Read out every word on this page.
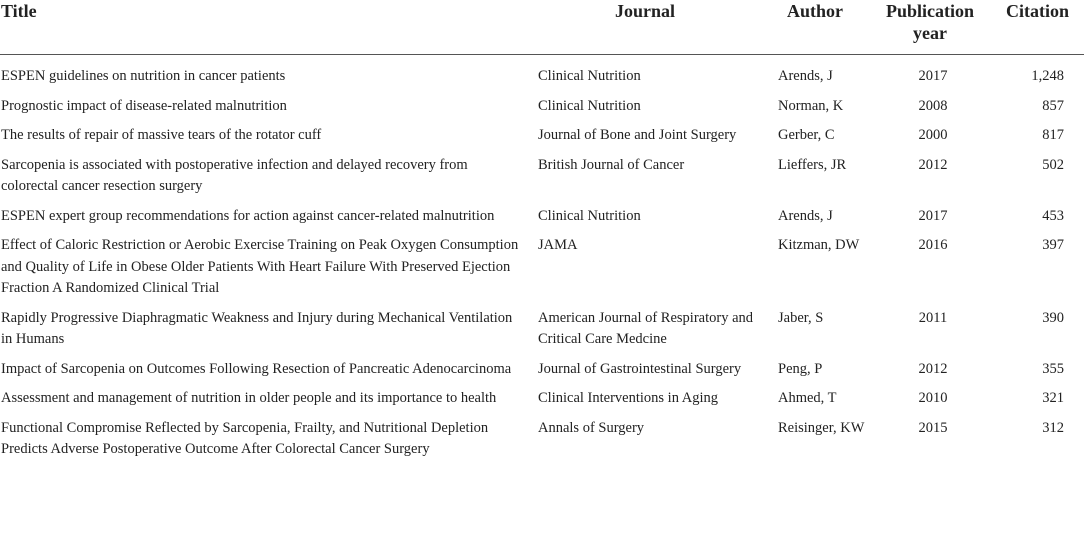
Title	Journal	Author	Publication year	Citation
ESPEN guidelines on nutrition in cancer patients	Clinical Nutrition	Arends, J	2017	1,248
Prognostic impact of disease-related malnutrition	Clinical Nutrition	Norman, K	2008	857
The results of repair of massive tears of the rotator cuff	Journal of Bone and Joint Surgery	Gerber, C	2000	817
Sarcopenia is associated with postoperative infection and delayed recovery from colorectal cancer resection surgery	British Journal of Cancer	Lieffers, JR	2012	502
ESPEN expert group recommendations for action against cancer-related malnutrition	Clinical Nutrition	Arends, J	2017	453
Effect of Caloric Restriction or Aerobic Exercise Training on Peak Oxygen Consumption and Quality of Life in Obese Older Patients With Heart Failure With Preserved Ejection Fraction A Randomized Clinical Trial	JAMA	Kitzman, DW	2016	397
Rapidly Progressive Diaphragmatic Weakness and Injury during Mechanical Ventilation in Humans	American Journal of Respiratory and Critical Care Medcine	Jaber, S	2011	390
Impact of Sarcopenia on Outcomes Following Resection of Pancreatic Adenocarcinoma	Journal of Gastrointestinal Surgery	Peng, P	2012	355
Assessment and management of nutrition in older people and its importance to health	Clinical Interventions in Aging	Ahmed, T	2010	321
Functional Compromise Reflected by Sarcopenia, Frailty, and Nutritional Depletion Predicts Adverse Postoperative Outcome After Colorectal Cancer Surgery	Annals of Surgery	Reisinger, KW	2015	312
